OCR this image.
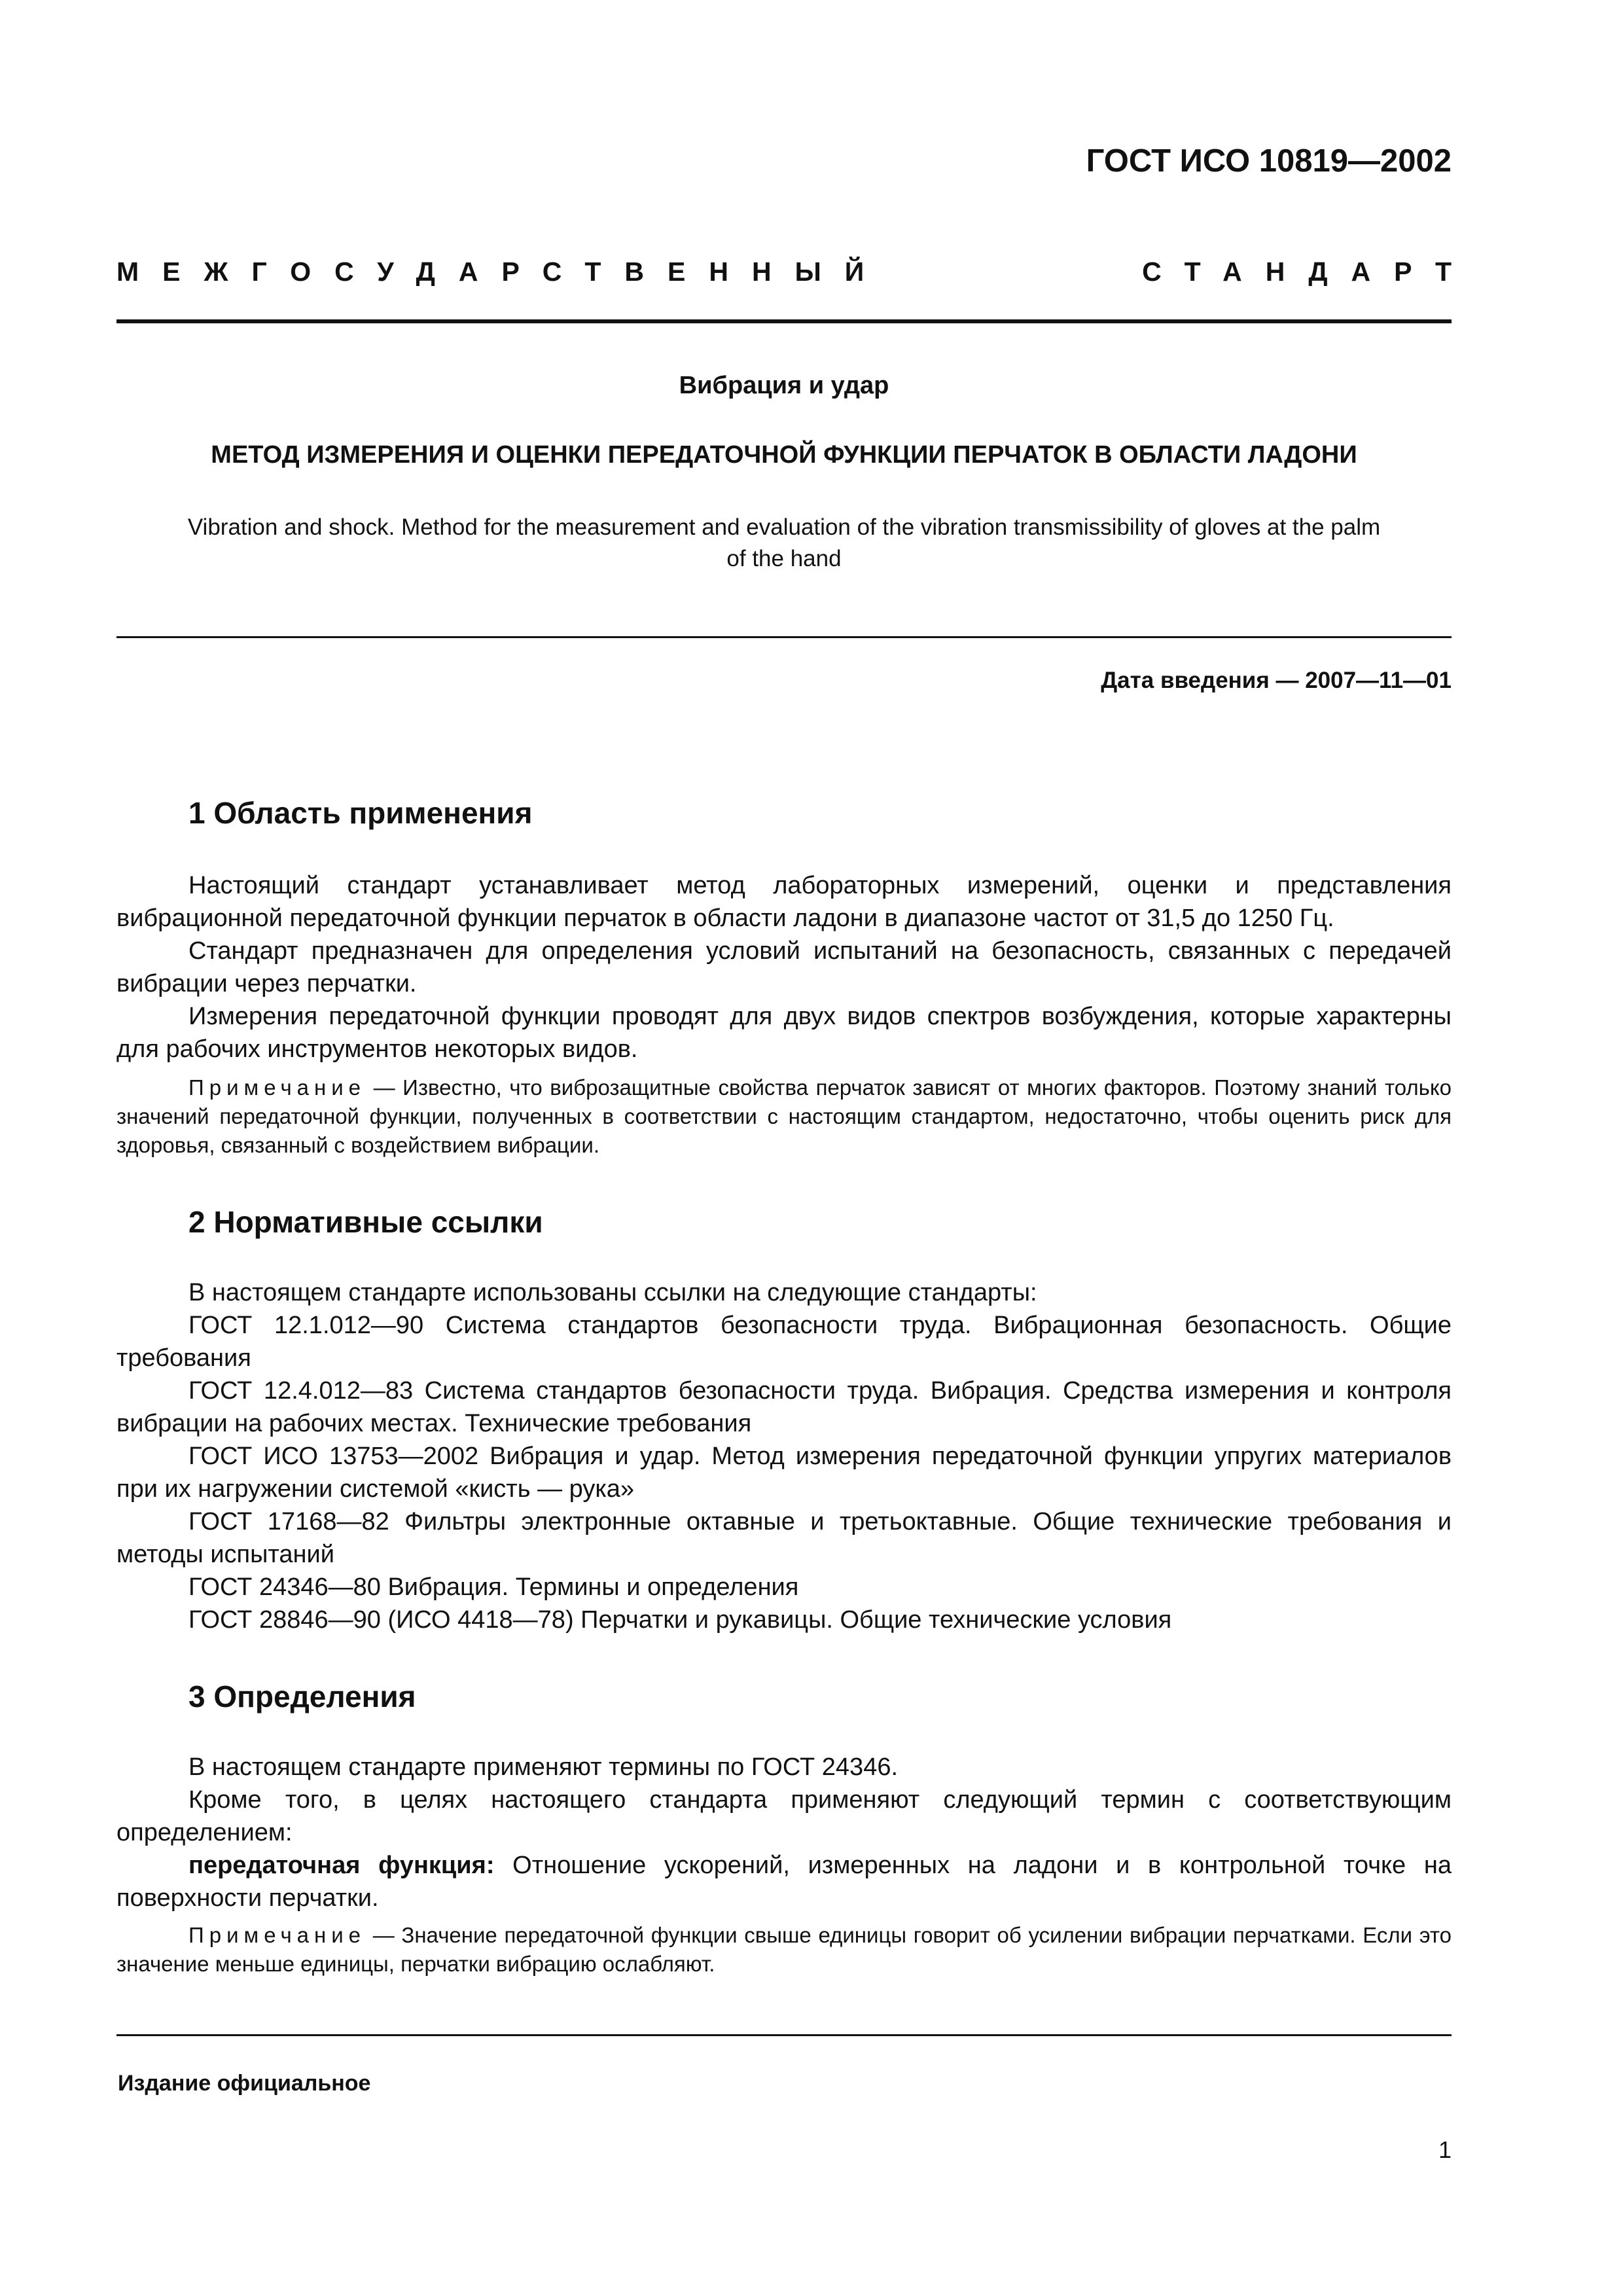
ГОСТ ИСО 10819—2002
МЕЖГОСУДАРСТВЕННЫЙ	СТАНДАРТ
Вибрация и удар
МЕТОД ИЗМЕРЕНИЯ И ОЦЕНКИ ПЕРЕДАТОЧНОЙ ФУНКЦИИ ПЕРЧАТОК В ОБЛАСТИ ЛАДОНИ
Vibration and shock. Method for the measurement and evaluation of the vibration transmissibility of gloves at the palm
of the hand
Дата введения — 2007—11—01
1 Область применения
Настоящий стандарт устанавливает метод лабораторных измерений, оценки и представления вибрационной передаточной функции перчаток в области ладони в диапазоне частот от 31,5 до 1250 Гц.
Стандарт предназначен для определения условий испытаний на безопасность, связанных с передачей вибрации через перчатки.
Измерения передаточной функции проводят для двух видов спектров возбуждения, которые характерны для рабочих инструментов некоторых видов.
Примечание — Известно, что виброзащитные свойства перчаток зависят от многих факторов. Поэтому знаний только значений передаточной функции, полученных в соответствии с настоящим стандартом, недостаточно, чтобы оценить риск для здоровья, связанный с воздействием вибрации.
2 Нормативные ссылки
В настоящем стандарте использованы ссылки на следующие стандарты:
ГОСТ 12.1.012—90 Система стандартов безопасности труда. Вибрационная безопасность. Общие требования
ГОСТ 12.4.012—83 Система стандартов безопасности труда. Вибрация. Средства измерения и контроля вибрации на рабочих местах. Технические требования
ГОСТ ИСО 13753—2002 Вибрация и удар. Метод измерения передаточной функции упругих материалов при их нагружении системой «кисть — рука»
ГОСТ 17168—82 Фильтры электронные октавные и третьоктавные. Общие технические требования и методы испытаний
ГОСТ 24346—80 Вибрация. Термины и определения
ГОСТ 28846—90 (ИСО 4418—78) Перчатки и рукавицы. Общие технические условия
3 Определения
В настоящем стандарте применяют термины по ГОСТ 24346.
Кроме того, в целях настоящего стандарта применяют следующий термин с соответствующим определением:
передаточная функция: Отношение ускорений, измеренных на ладони и в контрольной точке на поверхности перчатки.
Примечание — Значение передаточной функции свыше единицы говорит об усилении вибрации перчатками. Если это значение меньше единицы, перчатки вибрацию ослабляют.
Издание официальное
1
